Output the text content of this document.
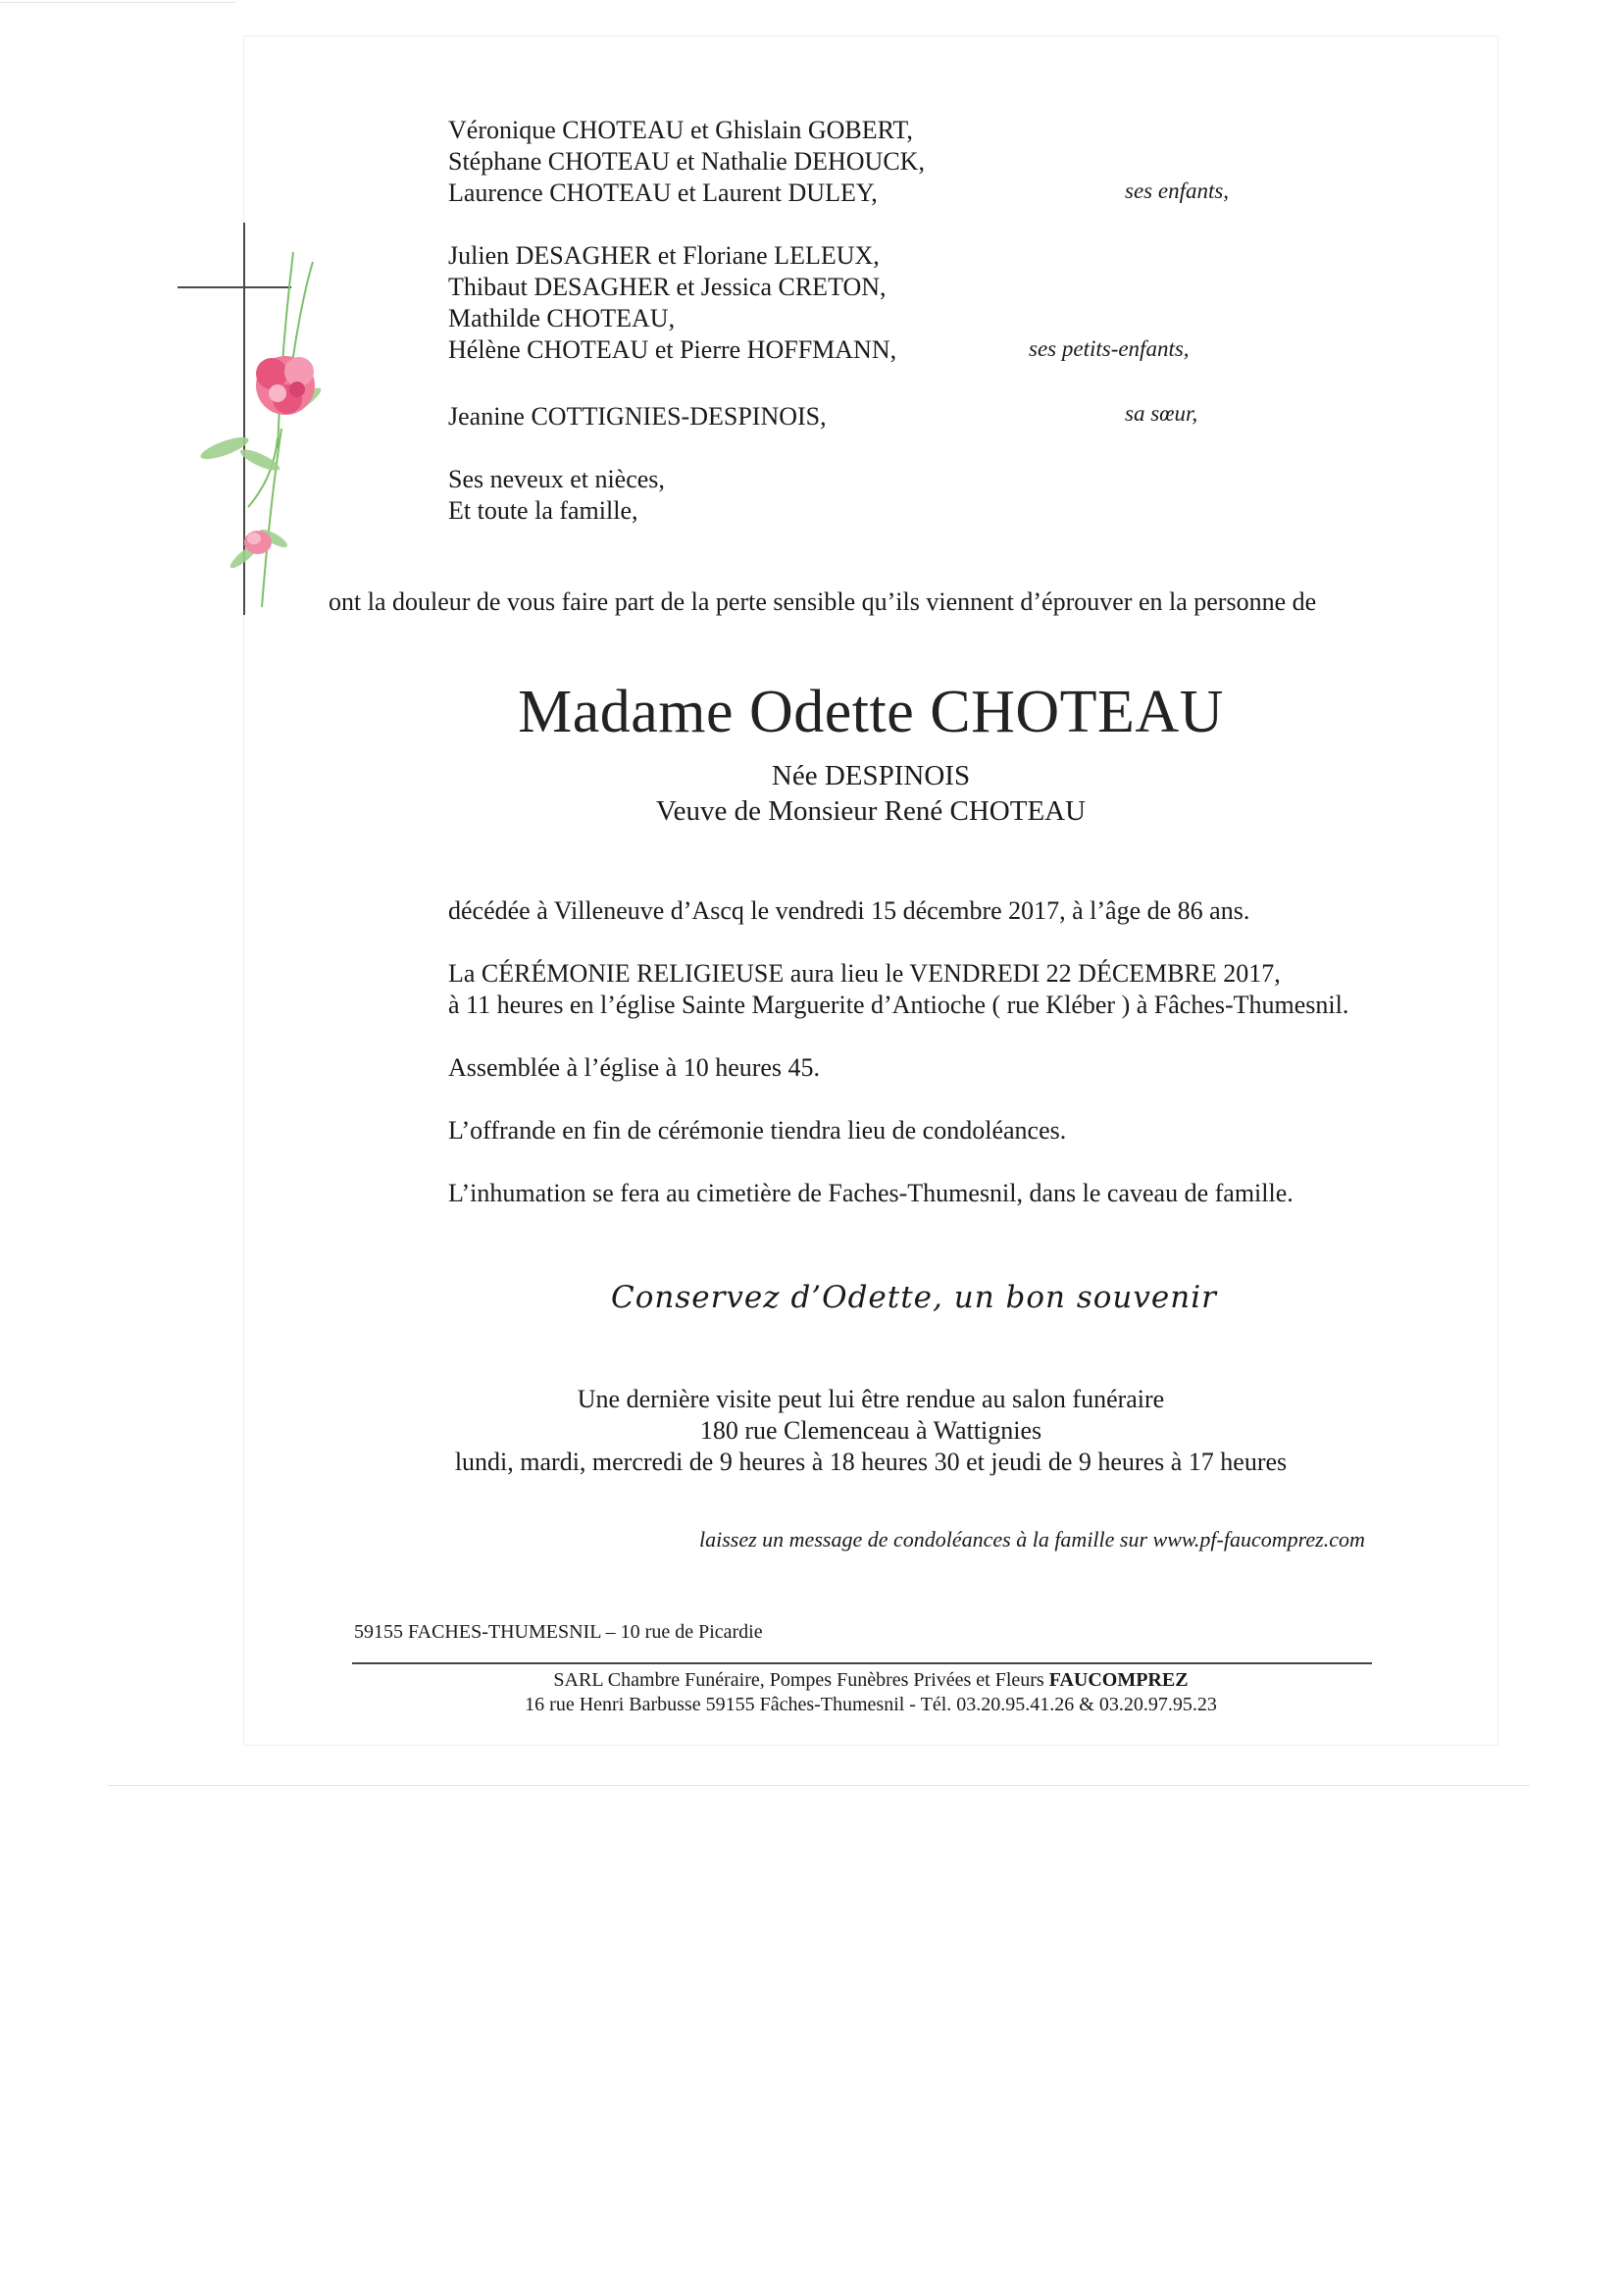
Véronique CHOTEAU et Ghislain GOBERT,
Stéphane CHOTEAU et Nathalie DEHOUCK,
Laurence CHOTEAU et Laurent DULEY,	ses enfants,
Julien DESAGHER et Floriane LELEUX,
Thibaut DESAGHER et Jessica CRETON,
Mathilde CHOTEAU,
Hélène CHOTEAU et Pierre HOFFMANN,	ses petits-enfants,
Jeanine COTTIGNIES-DESPINOIS,	sa sœur,
Ses neveux et nièces,
Et toute la famille,
ont la douleur de vous faire part de la perte sensible qu’ils viennent d’éprouver en la personne de
Madame Odette CHOTEAU
Née DESPINOIS
Veuve de Monsieur René CHOTEAU
décédée à Villeneuve d’Ascq le vendredi 15 décembre 2017, à l’âge de 86 ans.
La CÉRÉMONIE RELIGIEUSE aura lieu le VENDREDI 22 DÉCEMBRE 2017,
à 11 heures en l’église Sainte Marguerite d’Antioche ( rue Kléber ) à Fâches-Thumesnil.
Assemblée à l’église à 10 heures 45.
L’offrande en fin de cérémonie tiendra lieu de condoléances.
L’inhumation se fera au cimetière de Faches-Thumesnil, dans le caveau de famille.
Conservez d’Odette, un bon souvenir
Une dernière visite peut lui être rendue au salon funéraire
180 rue Clemenceau à Wattignies
lundi, mardi, mercredi de 9 heures à 18 heures 30 et jeudi de 9 heures à 17 heures
laissez un message de condoléances à la famille sur www.pf-faucomprez.com
59155 FACHES-THUMESNIL – 10 rue de Picardie
SARL Chambre Funéraire, Pompes Funèbres Privées et Fleurs FAUCOMPREZ
16 rue Henri Barbusse 59155 Fâches-Thumesnil - Tél. 03.20.95.41.26 & 03.20.97.95.23
